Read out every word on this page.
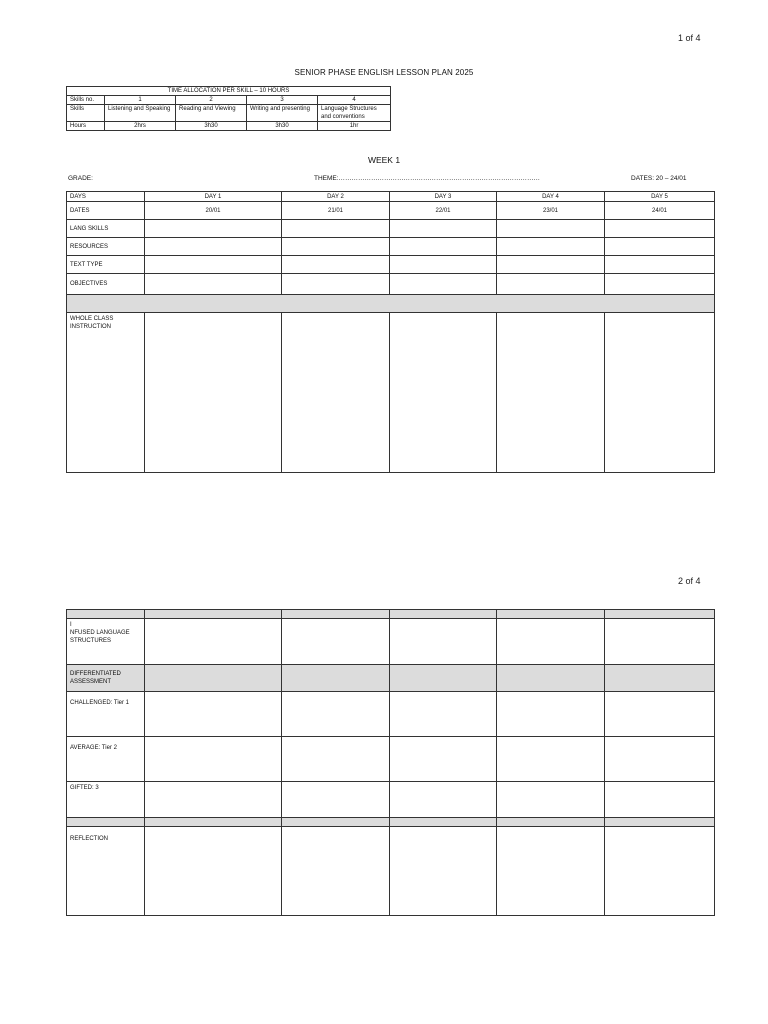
1 of 4
SENIOR PHASE ENGLISH LESSON PLAN 2025
TIME ALLOCATION PER SKILL – 10 HOURS				
Skills no.	1	2	3	4
Skills	Listening and Speaking	Reading and Viewing	Writing and presenting	Language Structures and conventions
Hours	2hrs	3h30	3h30	1hr
WEEK 1
GRADE:	THEME:…………………………………………………………………………………	DATES: 20 – 24/01
DAYS	DAY 1	DAY 2	DAY 3	DAY 4	DAY 5
DATES	20/01	21/01	22/01	23/01	24/01
LANG SKILLS					
RESOURCES					
TEXT TYPE					
OBJECTIVES					

WHOLE CLASS INSTRUCTION					
2 of 4

I
NFUSED LANGUAGE STRUCTURES					

DIFFERENTIATED ASSESSMENT					
CHALLENGED: Tier 1					
AVERAGE: Tier 2					
GIFTED: 3					

REFLECTION					
